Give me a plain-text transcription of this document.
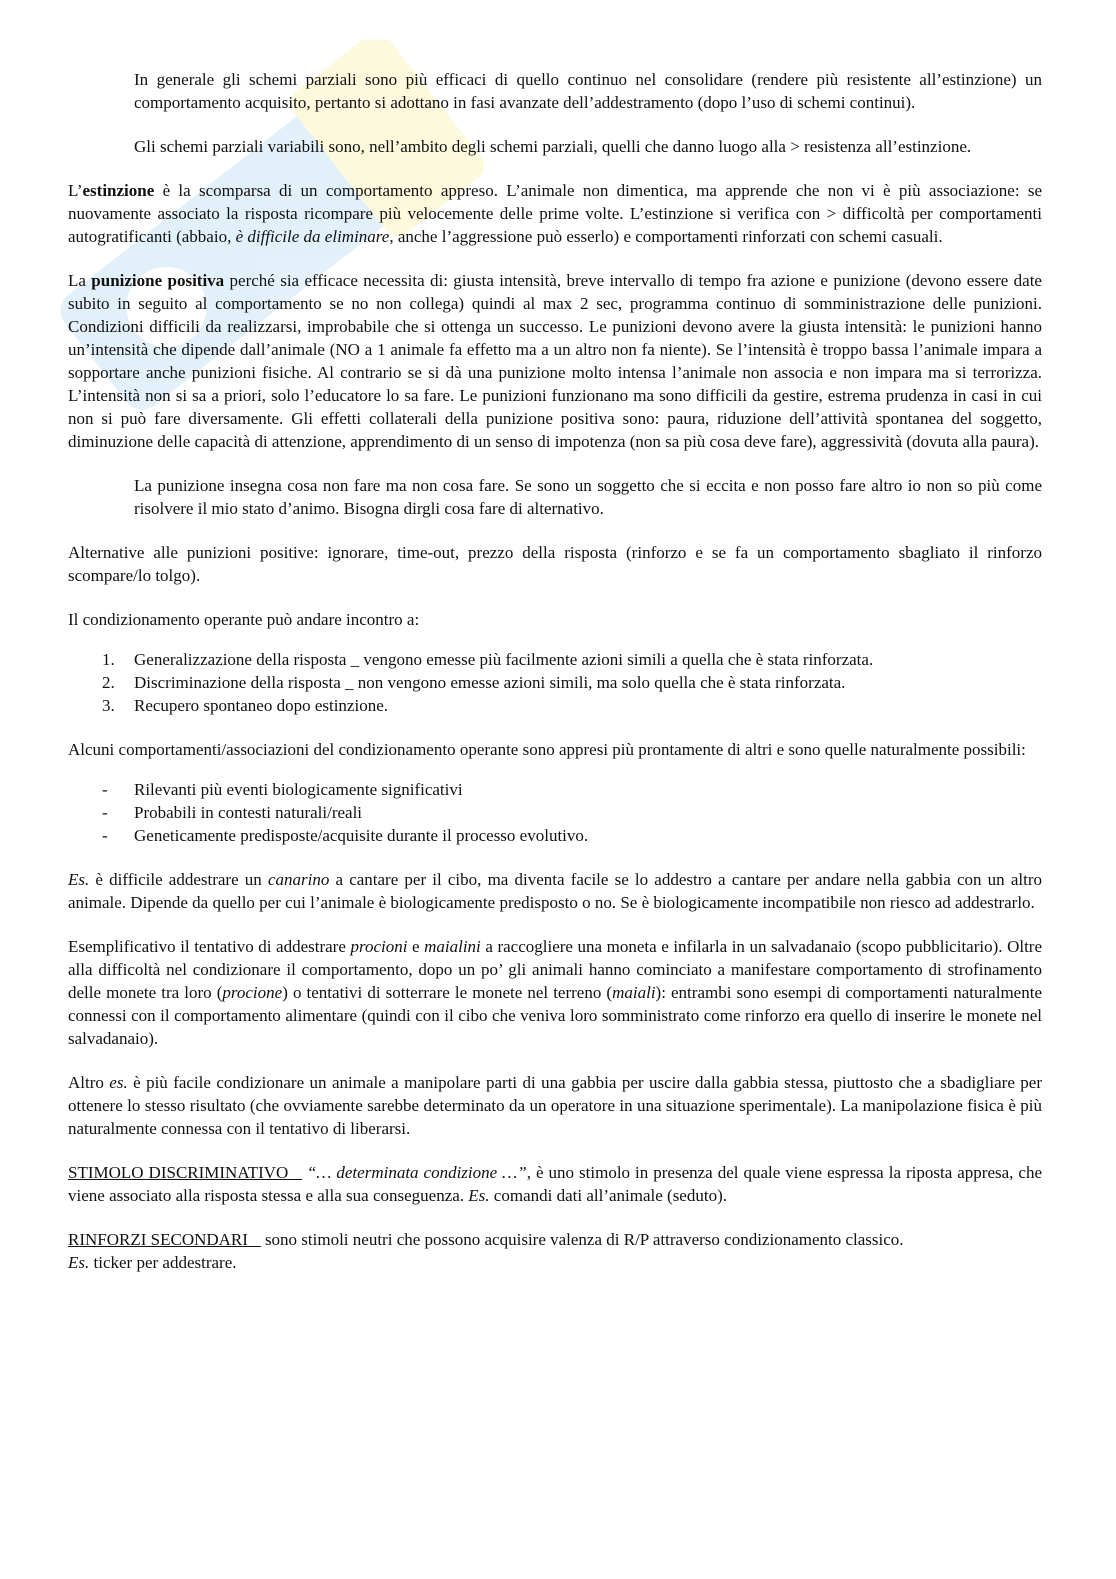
In generale gli schemi parziali sono più efficaci di quello continuo nel consolidare (rendere più resistente all’estinzione) un comportamento acquisito, pertanto si adottano in fasi avanzate dell’addestramento (dopo l’uso di schemi continui).

Gli schemi parziali variabili sono, nell’ambito degli schemi parziali, quelli che danno luogo alla > resistenza all’estinzione.

L’estinzione è la scomparsa di un comportamento appreso. L’animale non dimentica, ma apprende che non vi è più associazione: se nuovamente associato la risposta ricompare più velocemente delle prime volte. L’estinzione si verifica con > difficoltà per comportamenti autogratificanti (abbaio, è difficile da eliminare, anche l’aggressione può esserlo) e comportamenti rinforzati con schemi casuali.

La punizione positiva perché sia efficace necessita di: giusta intensità, breve intervallo di tempo fra azione e punizione (devono essere date subito in seguito al comportamento se no non collega) quindi al max 2 sec, programma continuo di somministrazione delle punizioni. Condizioni difficili da realizzarsi, improbabile che si ottenga un successo. Le punizioni devono avere la giusta intensità: le punizioni hanno un’intensità che dipende dall’animale (NO a 1 animale fa effetto ma a un altro non fa niente). Se l’intensità è troppo bassa l’animale impara a sopportare anche punizioni fisiche. Al contrario se si dà una punizione molto intensa l’animale non associa e non impara ma si terrorizza. L’intensità non si sa a priori, solo l’educatore lo sa fare. Le punizioni funzionano ma sono difficili da gestire, estrema prudenza in casi in cui non si può fare diversamente. Gli effetti collaterali della punizione positiva sono: paura, riduzione dell’attività spontanea del soggetto, diminuzione delle capacità di attenzione, apprendimento di un senso di impotenza (non sa più cosa deve fare), aggressività (dovuta alla paura).

La punizione insegna cosa non fare ma non cosa fare. Se sono un soggetto che si eccita e non posso fare altro io non so più come risolvere il mio stato d’animo. Bisogna dirgli cosa fare di alternativo.

Alternative alle punizioni positive: ignorare, time-out, prezzo della risposta (rinforzo e se fa un comportamento sbagliato il rinforzo scompare/lo tolgo).

Il condizionamento operante può andare incontro a:

1. Generalizzazione della risposta _ vengono emesse più facilmente azioni simili a quella che è stata rinforzata.
2. Discriminazione della risposta _ non vengono emesse azioni simili, ma solo quella che è stata rinforzata.
3. Recupero spontaneo dopo estinzione.

Alcuni comportamenti/associazioni del condizionamento operante sono appresi più prontamente di altri e sono quelle naturalmente possibili:

- Rilevanti più eventi biologicamente significativi
- Probabili in contesti naturali/reali
- Geneticamente predisposte/acquisite durante il processo evolutivo.

Es. è difficile addestrare un canarino a cantare per il cibo, ma diventa facile se lo addestro a cantare per andare nella gabbia con un altro animale. Dipende da quello per cui l’animale è biologicamente predisposto o no. Se è biologicamente incompatibile non riesco ad addestrarlo.

Esemplificativo il tentativo di addestrare procioni e maialini a raccogliere una moneta e infilarla in un salvadanaio (scopo pubblicitario). Oltre alla difficoltà nel condizionare il comportamento, dopo un po’ gli animali hanno cominciato a manifestare comportamento di strofinamento delle monete tra loro (procione) o tentativi di sotterrare le monete nel terreno (maiali): entrambi sono esempi di comportamenti naturalmente connessi con il comportamento alimentare (quindi con il cibo che veniva loro somministrato come rinforzo era quello di inserire le monete nel salvadanaio).

Altro es. è più facile condizionare un animale a manipolare parti di una gabbia per uscire dalla gabbia stessa, piuttosto che a sbadigliare per ottenere lo stesso risultato (che ovviamente sarebbe determinato da un operatore in una situazione sperimentale). La manipolazione fisica è più naturalmente connessa con il tentativo di liberarsi.

STIMOLO DISCRIMINATIVO _ “… determinata condizione …”, è uno stimolo in presenza del quale viene espressa la riposta appresa, che viene associato alla risposta stessa e alla sua conseguenza. Es. comandi dati all’animale (seduto).

RINFORZI SECONDARI _ sono stimoli neutri che possono acquisire valenza di R/P attraverso condizionamento classico.
Es. ticker per addestrare.
